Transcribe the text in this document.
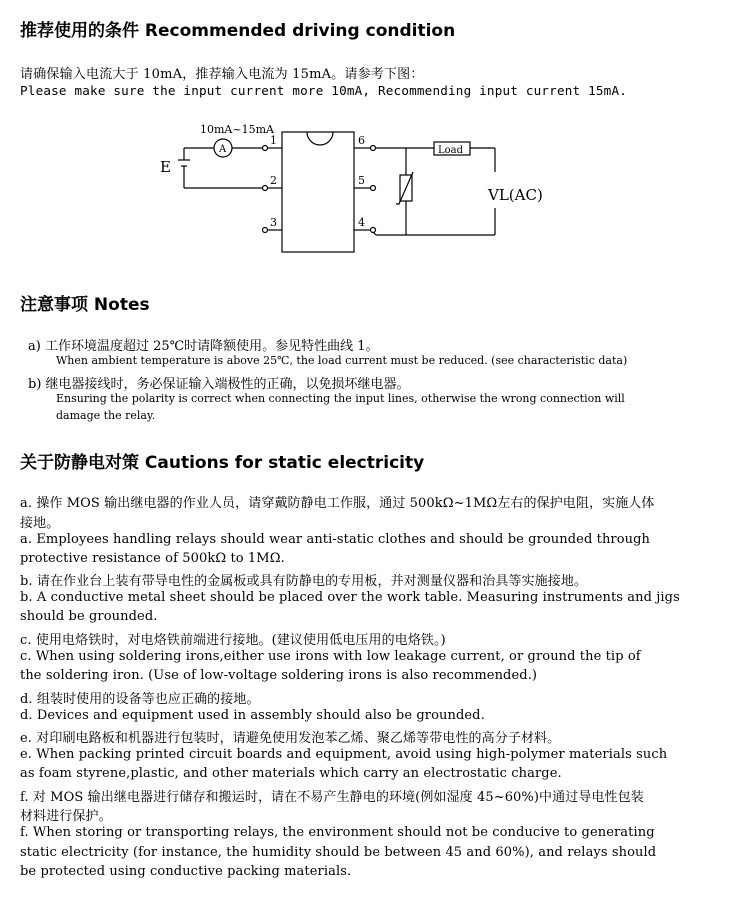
推荐使用的条件 Recommended driving condition

请确保输入电流大于 10mA，推荐输入电流为 15mA。请参考下图：

Please make sure the input current more 10mA, Recommending input current 15mA.

10mA~15mA
E
A
1
2
3	4
5
6
Load
VL(AC)
注意事项 Notes

a) 工作环境温度超过 25℃时请降额使用。参见特性曲线 1。

When ambient temperature is above 25℃, the load current must be reduced. (see characteristic data)

b) 继电器接线时，务必保证输入端极性的正确，以免损坏继电器。

Ensuring the polarity is correct when connecting the input lines, otherwise the wrong connection will

damage the relay.

关于防静电对策 Cautions for static electricity

a. 操作 MOS 输出继电器的作业人员，请穿戴防静电工作服，通过 500kΩ~1MΩ左右的保护电阻，实施人体

接地。

a. Employees handling relays should wear anti-static clothes and should be grounded through

protective resistance of 500kΩ to 1MΩ.

b. 请在作业台上装有带导电性的金属板或具有防静电的专用板，并对测量仪器和治具等实施接地。

b. A conductive metal sheet should be placed over the work table. Measuring instruments and jigs

should be grounded.

c. 使用电烙铁时，对电烙铁前端进行接地。(建议使用低电压用的电烙铁。)

c. When using soldering irons,either use irons with low leakage current, or ground the tip of

the soldering iron. (Use of low-voltage soldering irons is also recommended.)

d. 组装时使用的设备等也应正确的接地。

d. Devices and equipment used in assembly should also be grounded.

e. 对印刷电路板和机器进行包装时，请避免使用发泡苯乙烯、聚乙烯等带电性的高分子材料。

e. When packing printed circuit boards and equipment, avoid using high-polymer materials such

as foam styrene,plastic, and other materials which carry an electrostatic charge.

f. 对 MOS 输出继电器进行储存和搬运时，请在不易产生静电的环境(例如湿度 45~60%)中通过导电性包装

材料进行保护。

f. When storing or transporting relays, the environment should not be conducive to generating

static electricity (for instance, the humidity should be between 45 and 60%), and relays should

be protected using conductive packing materials.
